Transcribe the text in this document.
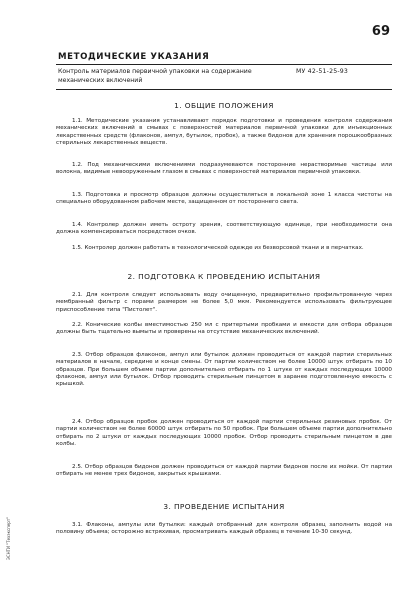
69
МЕТОДИЧЕСКИЕ УКАЗАНИЯ
Контроль материалов первичной упаковки на содержание механических включений
МУ 42-51-25-93
1. ОБЩИЕ ПОЛОЖЕНИЯ

1.1. Методические указания устанавливают порядок подготовки и проведения контроля содержания механических включений в смывах с поверхностей материалов первичной упаковки для инъекционных лекарственных средств (флаконов, ампул, бутылок, пробок), а также бидонов для хранения порошкообразных стерильных лекарственных веществ.

1.2. Под механическими включениями подразумеваются посторонние нерастворимые частицы или волокна, видимые невооруженным глазом в смывах с поверхностей материалов первичной упаковки.

1.3. Подготовка и просмотр образцов должны осуществляться в локальной зоне 1 класса чистоты на специально оборудованном рабочем месте, защищенном от постороннего света.

1.4. Контролер должен иметь остроту зрения, соответствующую единице, при необходимости она должна компенсироваться посредством очков.

1.5. Контролер должен работать в технологической одежде из безворсовой ткани и в перчатках.

2. ПОДГОТОВКА К ПРОВЕДЕНИЮ ИСПЫТАНИЯ

2.1. Для контроля следует использовать воду очищенную, предварительно профильтрованную через мембранный фильтр с порами размером не более 5,0 мкм. Рекомендуется использовать фильтрующее приспособление типа "Пистолет".

2.2. Конические колбы вместимостью 250 мл с притертыми пробками и емкости для отбора образцов должны быть тщательно вымыты и проверены на отсутствие механических включений.

2.3. Отбор образцов флаконов, ампул или бутылок должен проводиться от каждой партии стерильных материалов в начале, середине и конце смены. От партии количеством не более 10000 штук отбирать по 10 образцов. При большем объеме партии дополнительно отбирать по 1 штуке от каждых последующих 10000 флаконов, ампул или бутылок. Отбор проводить стерильным пинцетом в заранее подготовленную емкость с крышкой.

2.4. Отбор образцов пробок должен проводиться от каждой партии стерильных резиновых пробок. От партии количеством не более 60000 штук отбирать по 50 пробок. При большем объеме партии дополнительно отбирать по 2 штуки от каждых последующих 10000 пробок. Отбор проводить стерильным пинцетом в две колбы.

2.5. Отбор образцов бидонов должен проводиться от каждой партии бидонов после их мойки. От партии отбирать не менее трех бидонов, закрытых крышками.

3. ПРОВЕДЕНИЕ ИСПЫТАНИЯ

3.1. Флаконы, ампулы или бутылки: каждый отобранный для контроля образец заполнить водой на половину объема; осторожно встряхивая, просматривать каждый образец в течение 10-30 секунд.

ЭСНТИ "Техэксперт"
